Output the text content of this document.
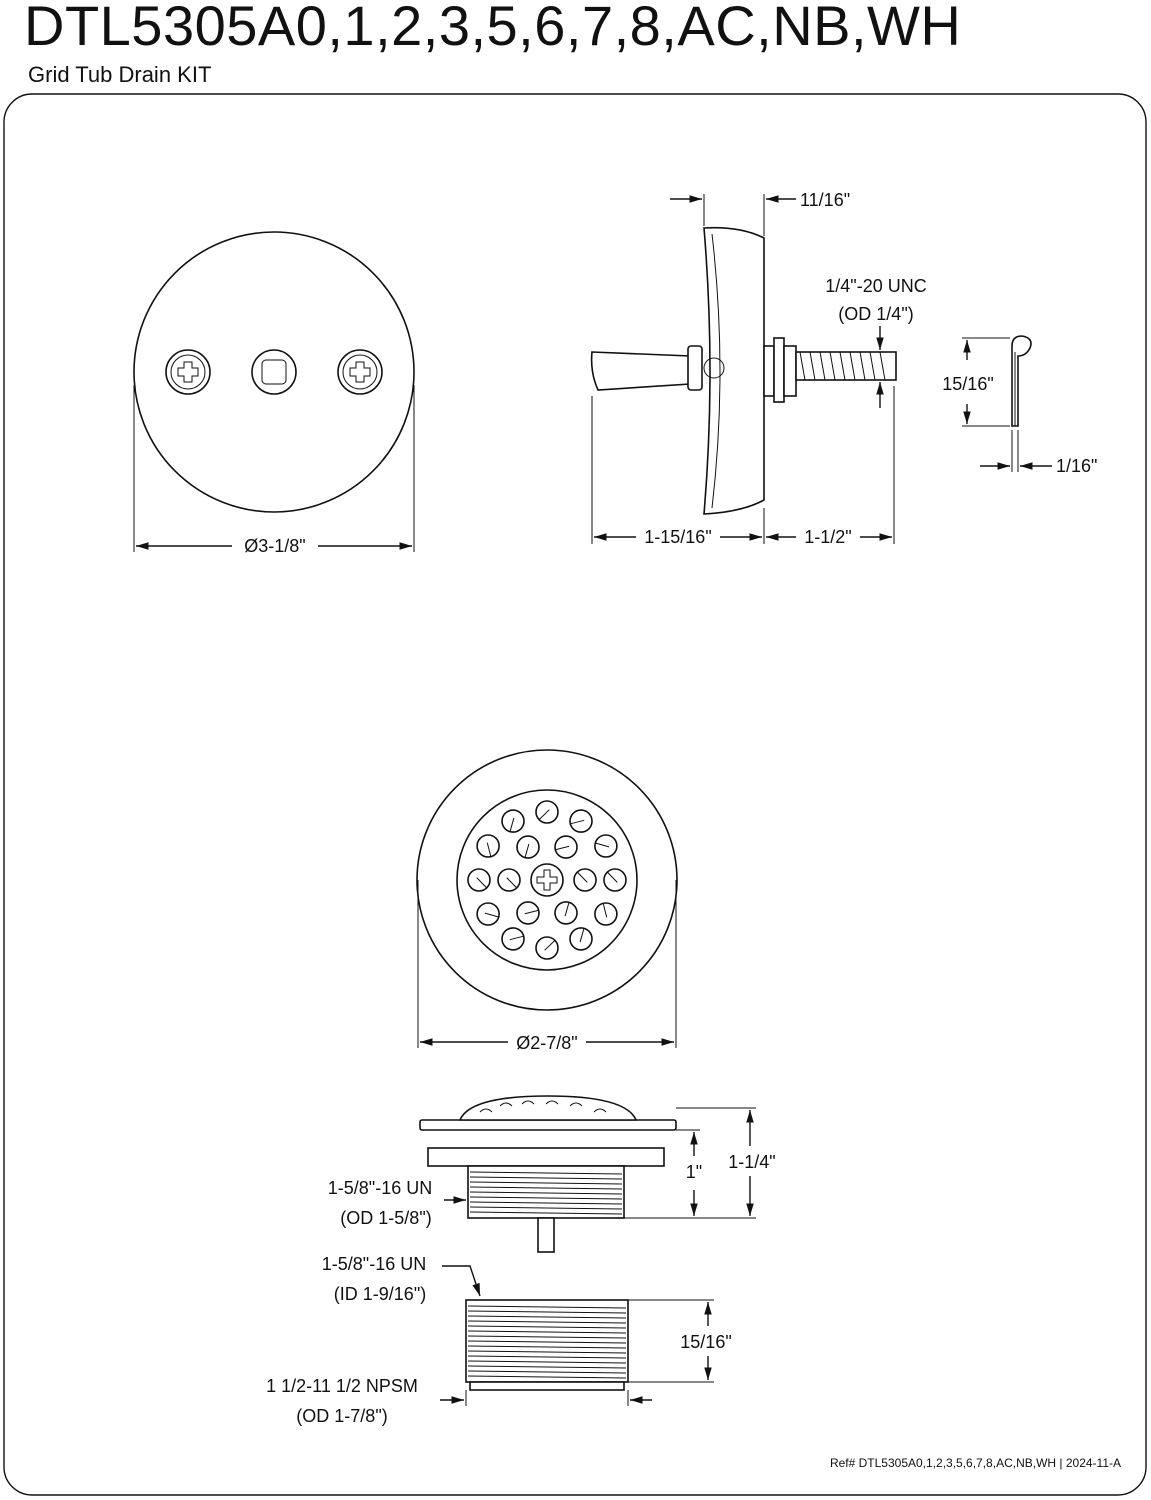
DTL5305A0,1,2,3,5,6,7,8,AC,NB,WH
Grid Tub Drain KIT
Ø3-1/8"
11/16"
1/4"-20 UNC
(OD 1/4")
1-15/16"	1-1/2"
15/16"
1/16"
Ø2-7/8"
1" 1-1/4"
1-5/8"-16 UN
(OD 1-5/8")
1-5/8"-16 UN
(ID 1-9/16")
15/16"
1 1/2-11 1/2 NPSM
(OD 1-7/8")
Ref# DTL5305A0,1,2,3,5,6,7,8,AC,NB,WH | 2024-11-A
